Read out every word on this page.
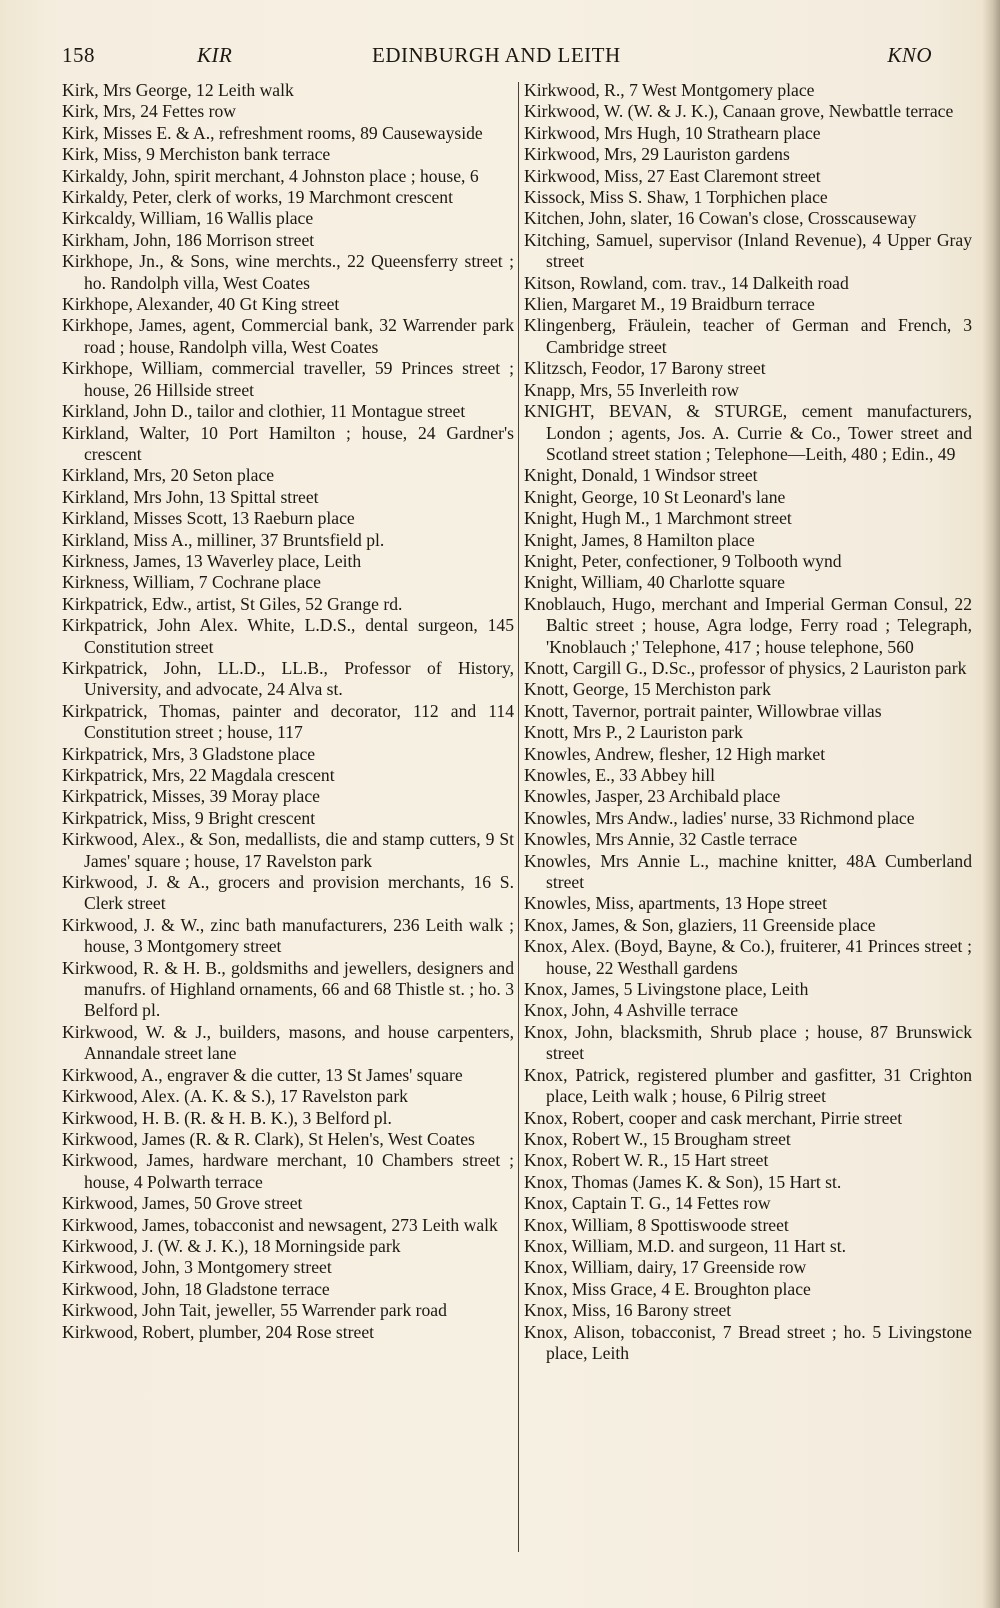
158	KIR	EDINBURGH AND LEITH	KNO

Kirk, Mrs George, 12 Leith walk

Kirk, Mrs, 24 Fettes row

Kirk, Misses E. & A., refreshment rooms, 89 Causewayside

Kirk, Miss, 9 Merchiston bank terrace

Kirkaldy, John, spirit merchant, 4 Johnston place ; house, 6

Kirkaldy, Peter, clerk of works, 19 Marchmont crescent

Kirkcaldy, William, 16 Wallis place

Kirkham, John, 186 Morrison street

Kirkhope, Jn., & Sons, wine merchts., 22 Queensferry street ; ho. Randolph villa, West Coates

Kirkhope, Alexander, 40 Gt King street

Kirkhope, James, agent, Commercial bank, 32 Warrender park road ; house, Randolph villa, West Coates

Kirkhope, William, commercial traveller, 59 Princes street ; house, 26 Hillside street

Kirkland, John D., tailor and clothier, 11 Montague street

Kirkland, Walter, 10 Port Hamilton ; house, 24 Gardner's crescent

Kirkland, Mrs, 20 Seton place

Kirkland, Mrs John, 13 Spittal street

Kirkland, Misses Scott, 13 Raeburn place

Kirkland, Miss A., milliner, 37 Bruntsfield pl.

Kirkness, James, 13 Waverley place, Leith

Kirkness, William, 7 Cochrane place

Kirkpatrick, Edw., artist, St Giles, 52 Grange rd.

Kirkpatrick, John Alex. White, L.D.S., dental surgeon, 145 Constitution street

Kirkpatrick, John, LL.D., LL.B., Professor of History, University, and advocate, 24 Alva st.

Kirkpatrick, Thomas, painter and decorator, 112 and 114 Constitution street ; house, 117

Kirkpatrick, Mrs, 3 Gladstone place

Kirkpatrick, Mrs, 22 Magdala crescent

Kirkpatrick, Misses, 39 Moray place

Kirkpatrick, Miss, 9 Bright crescent

Kirkwood, Alex., & Son, medallists, die and stamp cutters, 9 St James' square ; house, 17 Ravelston park

Kirkwood, J. & A., grocers and provision merchants, 16 S. Clerk street

Kirkwood, J. & W., zinc bath manufacturers, 236 Leith walk ; house, 3 Montgomery street

Kirkwood, R. & H. B., goldsmiths and jewellers, designers and manufrs. of Highland ornaments, 66 and 68 Thistle st. ; ho. 3 Belford pl.

Kirkwood, W. & J., builders, masons, and house carpenters, Annandale street lane

Kirkwood, A., engraver & die cutter, 13 St James' square

Kirkwood, Alex. (A. K. & S.), 17 Ravelston park

Kirkwood, H. B. (R. & H. B. K.), 3 Belford pl.

Kirkwood, James (R. & R. Clark), St Helen's, West Coates

Kirkwood, James, hardware merchant, 10 Chambers street ; house, 4 Polwarth terrace

Kirkwood, James, 50 Grove street

Kirkwood, James, tobacconist and newsagent, 273 Leith walk

Kirkwood, J. (W. & J. K.), 18 Morningside park

Kirkwood, John, 3 Montgomery street

Kirkwood, John, 18 Gladstone terrace

Kirkwood, John Tait, jeweller, 55 Warrender park road

Kirkwood, Robert, plumber, 204 Rose street

Kirkwood, R., 7 West Montgomery place

Kirkwood, W. (W. & J. K.), Canaan grove, Newbattle terrace

Kirkwood, Mrs Hugh, 10 Strathearn place

Kirkwood, Mrs, 29 Lauriston gardens

Kirkwood, Miss, 27 East Claremont street

Kissock, Miss S. Shaw, 1 Torphichen place

Kitchen, John, slater, 16 Cowan's close, Crosscauseway

Kitching, Samuel, supervisor (Inland Revenue), 4 Upper Gray street

Kitson, Rowland, com. trav., 14 Dalkeith road

Klien, Margaret M., 19 Braidburn terrace

Klingenberg, Fräulein, teacher of German and French, 3 Cambridge street

Klitzsch, Feodor, 17 Barony street

Knapp, Mrs, 55 Inverleith row

KNIGHT, BEVAN, & STURGE, cement manufacturers, London ; agents, Jos. A. Currie & Co., Tower street and Scotland street station ; Telephone—Leith, 480 ; Edin., 49

Knight, Donald, 1 Windsor street

Knight, George, 10 St Leonard's lane

Knight, Hugh M., 1 Marchmont street

Knight, James, 8 Hamilton place

Knight, Peter, confectioner, 9 Tolbooth wynd

Knight, William, 40 Charlotte square

Knoblauch, Hugo, merchant and Imperial German Consul, 22 Baltic street ; house, Agra lodge, Ferry road ; Telegraph, 'Knoblauch ;' Telephone, 417 ; house telephone, 560

Knott, Cargill G., D.Sc., professor of physics, 2 Lauriston park

Knott, George, 15 Merchiston park

Knott, Tavernor, portrait painter, Willowbrae villas

Knott, Mrs P., 2 Lauriston park

Knowles, Andrew, flesher, 12 High market

Knowles, E., 33 Abbey hill

Knowles, Jasper, 23 Archibald place

Knowles, Mrs Andw., ladies' nurse, 33 Richmond place

Knowles, Mrs Annie, 32 Castle terrace

Knowles, Mrs Annie L., machine knitter, 48A Cumberland street

Knowles, Miss, apartments, 13 Hope street

Knox, James, & Son, glaziers, 11 Greenside place

Knox, Alex. (Boyd, Bayne, & Co.), fruiterer, 41 Princes street ; house, 22 Westhall gardens

Knox, James, 5 Livingstone place, Leith

Knox, John, 4 Ashville terrace

Knox, John, blacksmith, Shrub place ; house, 87 Brunswick street

Knox, Patrick, registered plumber and gasfitter, 31 Crighton place, Leith walk ; house, 6 Pilrig street

Knox, Robert, cooper and cask merchant, Pirrie street

Knox, Robert W., 15 Brougham street

Knox, Robert W. R., 15 Hart street

Knox, Thomas (James K. & Son), 15 Hart st.

Knox, Captain T. G., 14 Fettes row

Knox, William, 8 Spottiswoode street

Knox, William, M.D. and surgeon, 11 Hart st.

Knox, William, dairy, 17 Greenside row

Knox, Miss Grace, 4 E. Broughton place

Knox, Miss, 16 Barony street

Knox, Alison, tobacconist, 7 Bread street ; ho. 5 Livingstone place, Leith
